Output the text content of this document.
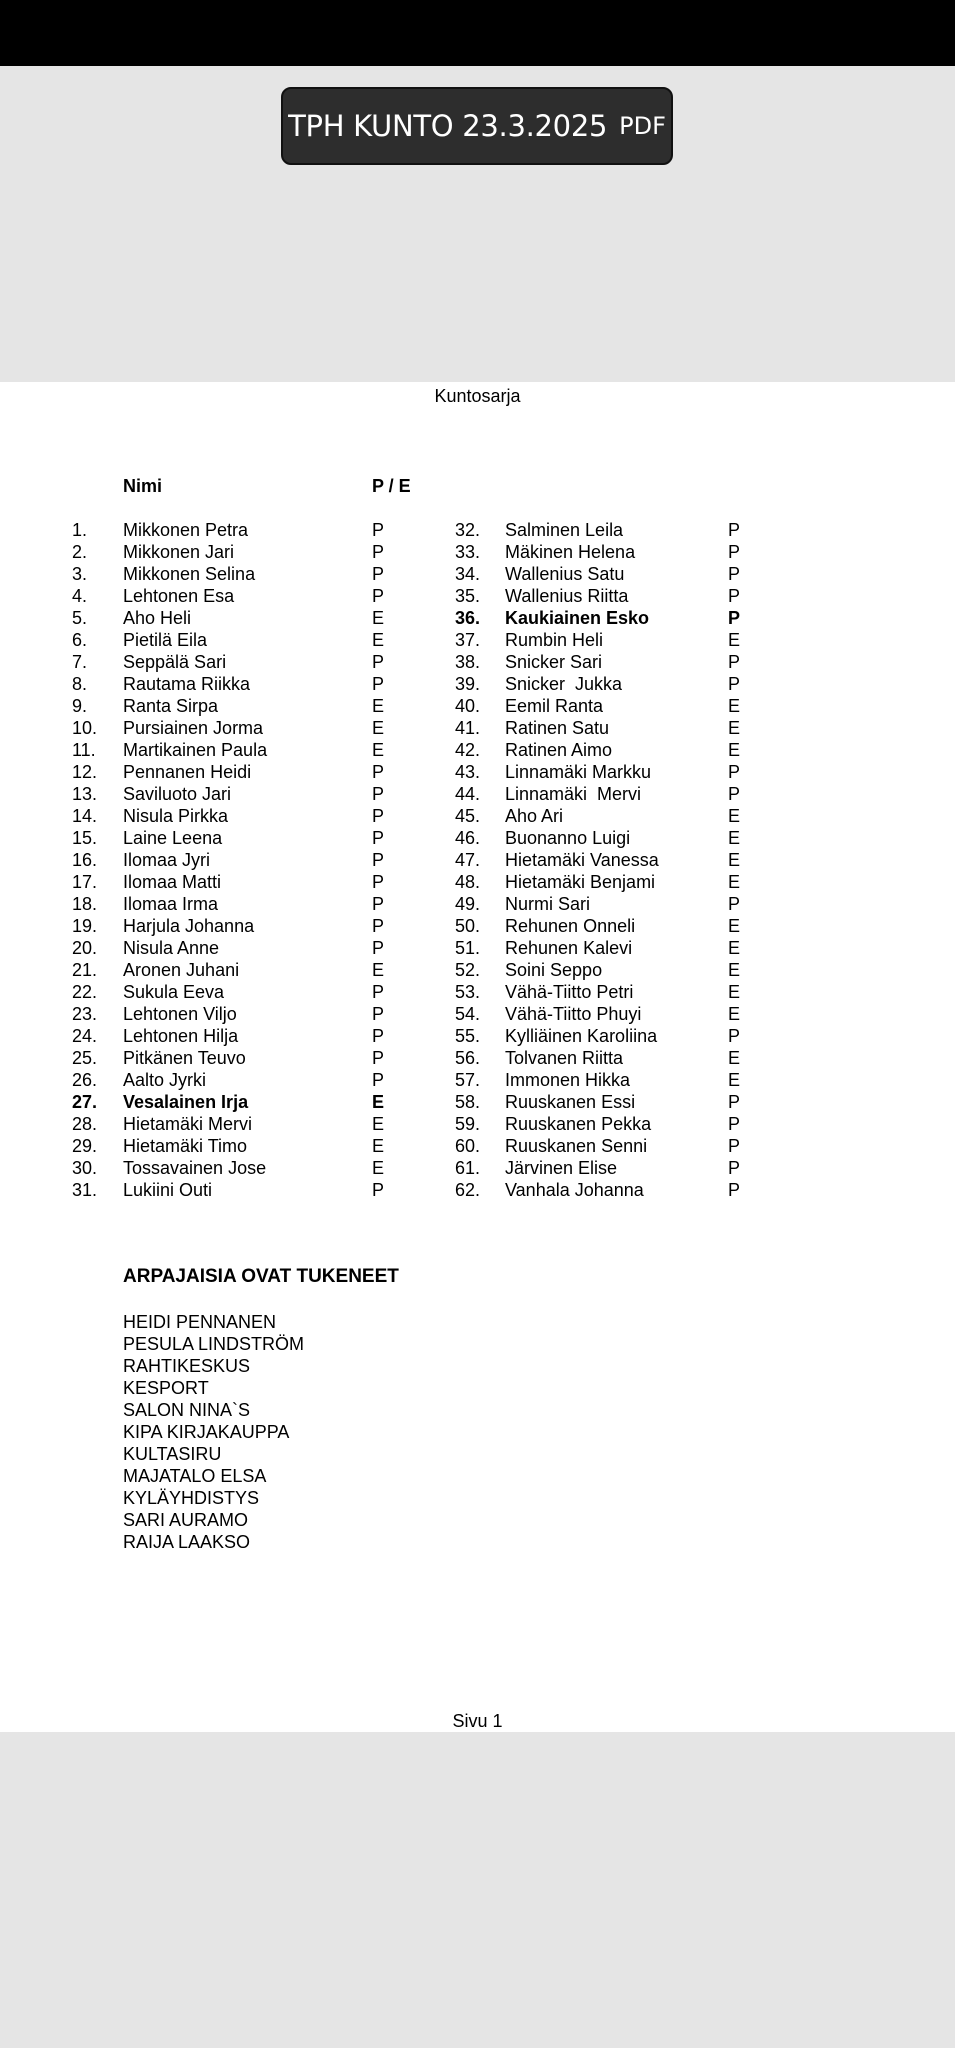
TPH KUNTO 23.3.2025 PDF
Kuntosarja
Nimi	P / E
1. Mikkonen Petra	P
2. Mikkonen Jari	P
3. Mikkonen Selina	P
4. Lehtonen Esa	P
5. Aho Heli	E
6. Pietilä Eila	E
7. Seppälä Sari	P
8. Rautama Riikka	P
9. Ranta Sirpa	E
10. Pursiainen Jorma	E
11. Martikainen Paula	E
12. Pennanen Heidi	P
13. Saviluoto Jari	P
14. Nisula Pirkka	P
15. Laine Leena	P
16. Ilomaa Jyri	P
17. Ilomaa Matti	P
18. Ilomaa Irma	P
19. Harjula Johanna	P
20. Nisula Anne	P
21. Aronen Juhani	E
22. Sukula Eeva	P
23. Lehtonen Viljo	P
24. Lehtonen Hilja	P
25. Pitkänen Teuvo	P
26. Aalto Jyrki	P
27. Vesalainen Irja	E
28. Hietamäki Mervi	E
29. Hietamäki Timo	E
30. Tossavainen Jose	E
31. Lukiini Outi	P
32. Salminen Leila	P
33. Mäkinen Helena	P
34. Wallenius Satu	P
35. Wallenius Riitta	P
36. Kaukiainen Esko	P
37. Rumbin Heli	E
38. Snicker Sari	P
39. Snicker  Jukka	P
40. Eemil Ranta	E
41. Ratinen Satu	E
42. Ratinen Aimo	E
43. Linnamäki Markku	P
44. Linnamäki  Mervi	P
45. Aho Ari	E
46. Buonanno Luigi	E
47. Hietamäki Vanessa	E
48. Hietamäki Benjami	E
49. Nurmi Sari	P
50. Rehunen Onneli	E
51. Rehunen Kalevi	E
52. Soini Seppo	E
53. Vähä-Tiitto Petri	E
54. Vähä-Tiitto Phuyi	E
55. Kylliäinen Karoliina	P
56. Tolvanen Riitta	E
57. Immonen Hikka	E
58. Ruuskanen Essi	P
59. Ruuskanen Pekka	P
60. Ruuskanen Senni	P
61. Järvinen Elise	P
62. Vanhala Johanna	P
ARPAJAISIA OVAT TUKENEET
HEIDI PENNANEN
PESULA LINDSTRÖM
RAHTIKESKUS
KESPORT
SALON NINA`S
KIPA KIRJAKAUPPA
KULTASIRU
MAJATALO ELSA
KYLÄYHDISTYS
SARI AURAMO
RAIJA LAAKSO
Sivu 1
